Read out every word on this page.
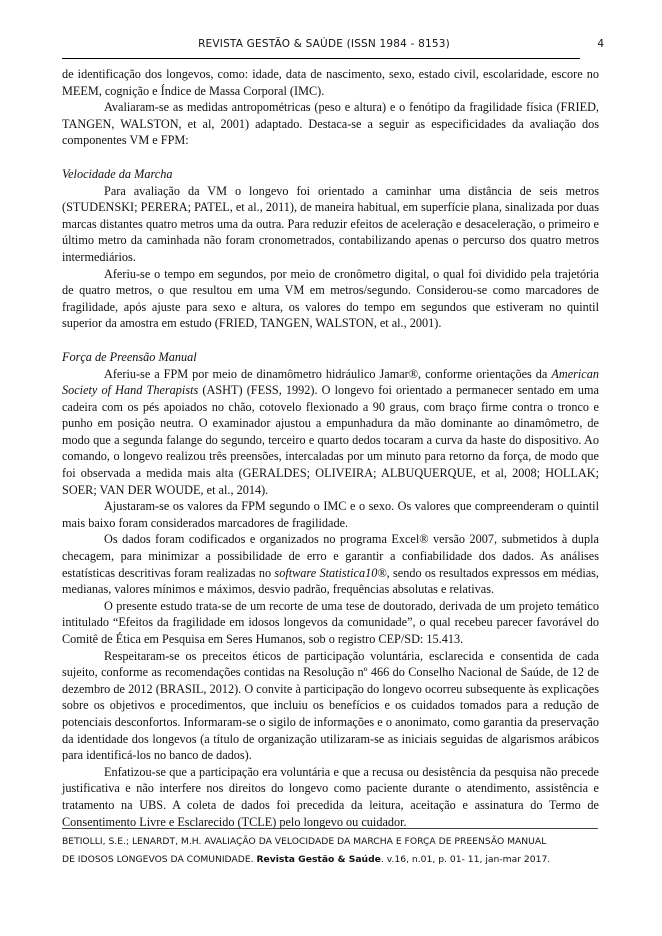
REVISTA GESTÃO & SAÚDE (ISSN 1984 - 8153)	4

de identificação dos longevos, como: idade, data de nascimento, sexo, estado civil, escolaridade, escore no MEEM, cognição e Índice de Massa Corporal (IMC).

Avaliaram-se as medidas antropométricas (peso e altura) e o fenótipo da fragilidade física (FRIED, TANGEN, WALSTON, et al, 2001) adaptado. Destaca-se a seguir as especificidades da avaliação dos componentes VM e FPM:

Velocidade da Marcha

Para avaliação da VM o longevo foi orientado a caminhar uma distância de seis metros (STUDENSKI; PERERA; PATEL, et al., 2011), de maneira habitual, em superfície plana, sinalizada por duas marcas distantes quatro metros uma da outra. Para reduzir efeitos de aceleração e desaceleração, o primeiro e último metro da caminhada não foram cronometrados, contabilizando apenas o percurso dos quatro metros intermediários.

Aferiu-se o tempo em segundos, por meio de cronômetro digital, o qual foi dividido pela trajetória de quatro metros, o que resultou em uma VM em metros/segundo. Considerou-se como marcadores de fragilidade, após ajuste para sexo e altura, os valores do tempo em segundos que estiveram no quintil superior da amostra em estudo (FRIED, TANGEN, WALSTON, et al., 2001).

Força de Preensão Manual

Aferiu-se a FPM por meio de dinamômetro hidráulico Jamar®, conforme orientações da American Society of Hand Therapists (ASHT) (FESS, 1992). O longevo foi orientado a permanecer sentado em uma cadeira com os pés apoiados no chão, cotovelo flexionado a 90 graus, com braço firme contra o tronco e punho em posição neutra. O examinador ajustou a empunhadura da mão dominante ao dinamômetro, de modo que a segunda falange do segundo, terceiro e quarto dedos tocaram a curva da haste do dispositivo. Ao comando, o longevo realizou três preensões, intercaladas por um minuto para retorno da força, de modo que foi observada a medida mais alta (GERALDES; OLIVEIRA; ALBUQUERQUE, et al, 2008; HOLLAK; SOER; VAN DER WOUDE, et al., 2014).

Ajustaram-se os valores da FPM segundo o IMC e o sexo. Os valores que compreenderam o quintil mais baixo foram considerados marcadores de fragilidade.

Os dados foram codificados e organizados no programa Excel® versão 2007, submetidos à dupla checagem, para minimizar a possibilidade de erro e garantir a confiabilidade dos dados. As análises estatísticas descritivas foram realizadas no software Statistica10®, sendo os resultados expressos em médias, medianas, valores mínimos e máximos, desvio padrão, frequências absolutas e relativas.

O presente estudo trata-se de um recorte de uma tese de doutorado, derivada de um projeto temático intitulado “Efeitos da fragilidade em idosos longevos da comunidade”, o qual recebeu parecer favorável do Comitê de Ética em Pesquisa em Seres Humanos, sob o registro CEP/SD: 15.413.

Respeitaram-se os preceitos éticos de participação voluntária, esclarecida e consentida de cada sujeito, conforme as recomendações contidas na Resolução nº 466 do Conselho Nacional de Saúde, de 12 de dezembro de 2012 (BRASIL, 2012). O convite à participação do longevo ocorreu subsequente às explicações sobre os objetivos e procedimentos, que incluiu os benefícios e os cuidados tomados para a redução de potenciais desconfortos. Informaram-se o sigilo de informações e o anonimato, como garantia da preservação da identidade dos longevos (a título de organização utilizaram-se as iniciais seguidas de algarismos arábicos para identificá-los no banco de dados).

Enfatizou-se que a participação era voluntária e que a recusa ou desistência da pesquisa não precede justificativa e não interfere nos direitos do longevo como paciente durante o atendimento, assistência e tratamento na UBS. A coleta de dados foi precedida da leitura, aceitação e assinatura do Termo de Consentimento Livre e Esclarecido (TCLE) pelo longevo ou cuidador.

BETIOLLI, S.E.; LENARDT, M.H. AVALIAÇÃO DA VELOCIDADE DA MARCHA E FORÇA DE PREENSÃO MANUAL
DE IDOSOS LONGEVOS DA COMUNIDADE. Revista Gestão & Saúde. v.16, n.01, p. 01- 11, jan-mar 2017.
